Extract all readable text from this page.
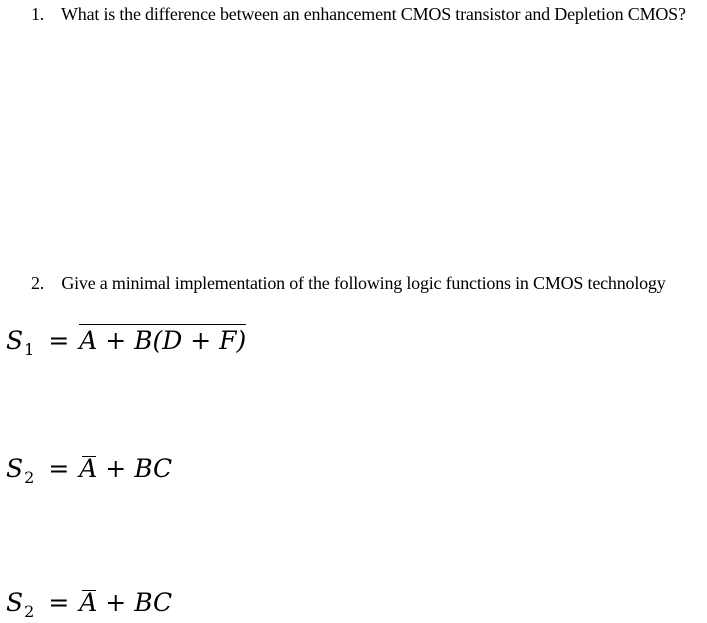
1. What is the difference between an enhancement CMOS transistor and Depletion CMOS?
2. Give a minimal implementation of the following logic functions in CMOS technology
$S_1 = A + B(D + F)$
$S_2 = A$ + BC
$S_2 = A$ + BC
